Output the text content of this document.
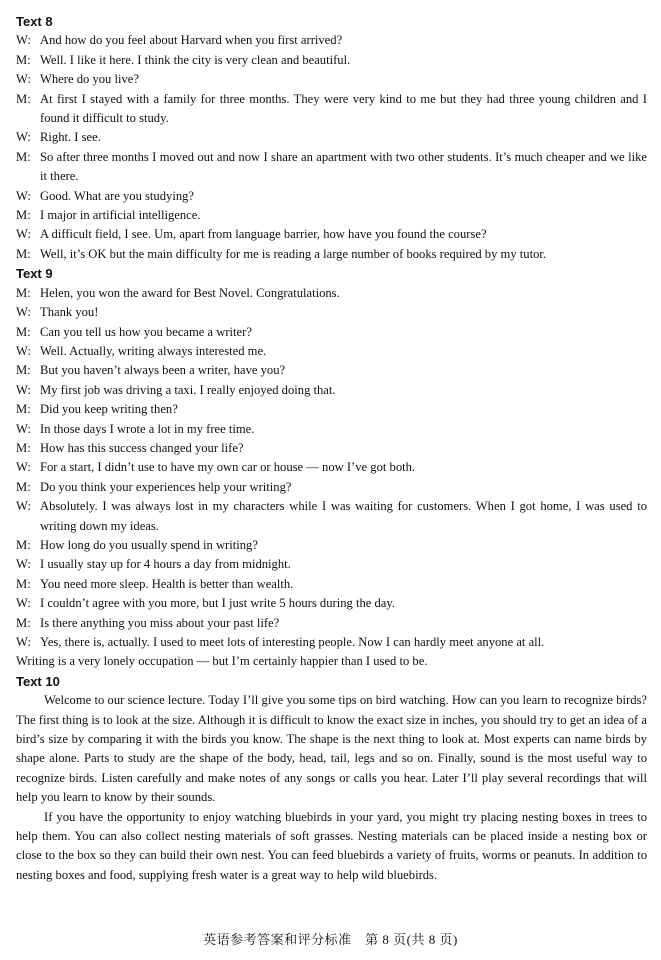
Text 8
W: And how do you feel about Harvard when you first arrived?
M: Well. I like it here. I think the city is very clean and beautiful.
W: Where do you live?
M: At first I stayed with a family for three months. They were very kind to me but they had three young children and I found it difficult to study.
W: Right. I see.
M: So after three months I moved out and now I share an apartment with two other students. It’s much cheaper and we like it there.
W: Good. What are you studying?
M: I major in artificial intelligence.
W: A difficult field, I see. Um, apart from language barrier, how have you found the course?
M: Well, it’s OK but the main difficulty for me is reading a large number of books required by my tutor.
Text 9
M: Helen, you won the award for Best Novel. Congratulations.
W: Thank you!
M: Can you tell us how you became a writer?
W: Well. Actually, writing always interested me.
M: But you haven’t always been a writer, have you?
W: My first job was driving a taxi. I really enjoyed doing that.
M: Did you keep writing then?
W: In those days I wrote a lot in my free time.
M: How has this success changed your life?
W: For a start, I didn’t use to have my own car or house — now I’ve got both.
M: Do you think your experiences help your writing?
W: Absolutely. I was always lost in my characters while I was waiting for customers. When I got home, I was used to writing down my ideas.
M: How long do you usually spend in writing?
W: I usually stay up for 4 hours a day from midnight.
M: You need more sleep. Health is better than wealth.
W: I couldn’t agree with you more, but I just write 5 hours during the day.
M: Is there anything you miss about your past life?
W: Yes, there is, actually. I used to meet lots of interesting people. Now I can hardly meet anyone at all.
Writing is a very lonely occupation — but I’m certainly happier than I used to be.
Text 10

Welcome to our science lecture. Today I’ll give you some tips on bird watching. How can you learn to recognize birds? The first thing is to look at the size. Although it is difficult to know the exact size in inches, you should try to get an idea of a bird’s size by comparing it with the birds you know. The shape is the next thing to look at. Most experts can name birds by shape alone. Parts to study are the shape of the body, head, tail, legs and so on. Finally, sound is the most useful way to recognize birds. Listen carefully and make notes of any songs or calls you hear. Later I’ll play several recordings that will help you learn to know by their sounds.

If you have the opportunity to enjoy watching bluebirds in your yard, you might try placing nesting boxes in trees to help them. You can also collect nesting materials of soft grasses. Nesting materials can be placed inside a nesting box or close to the box so they can build their own nest. You can feed bluebirds a variety of fruits, worms or peanuts. In addition to nesting boxes and food, supplying fresh water is a great way to help wild bluebirds.

英语参考答案和评分标准　第 8 页(共 8 页)
